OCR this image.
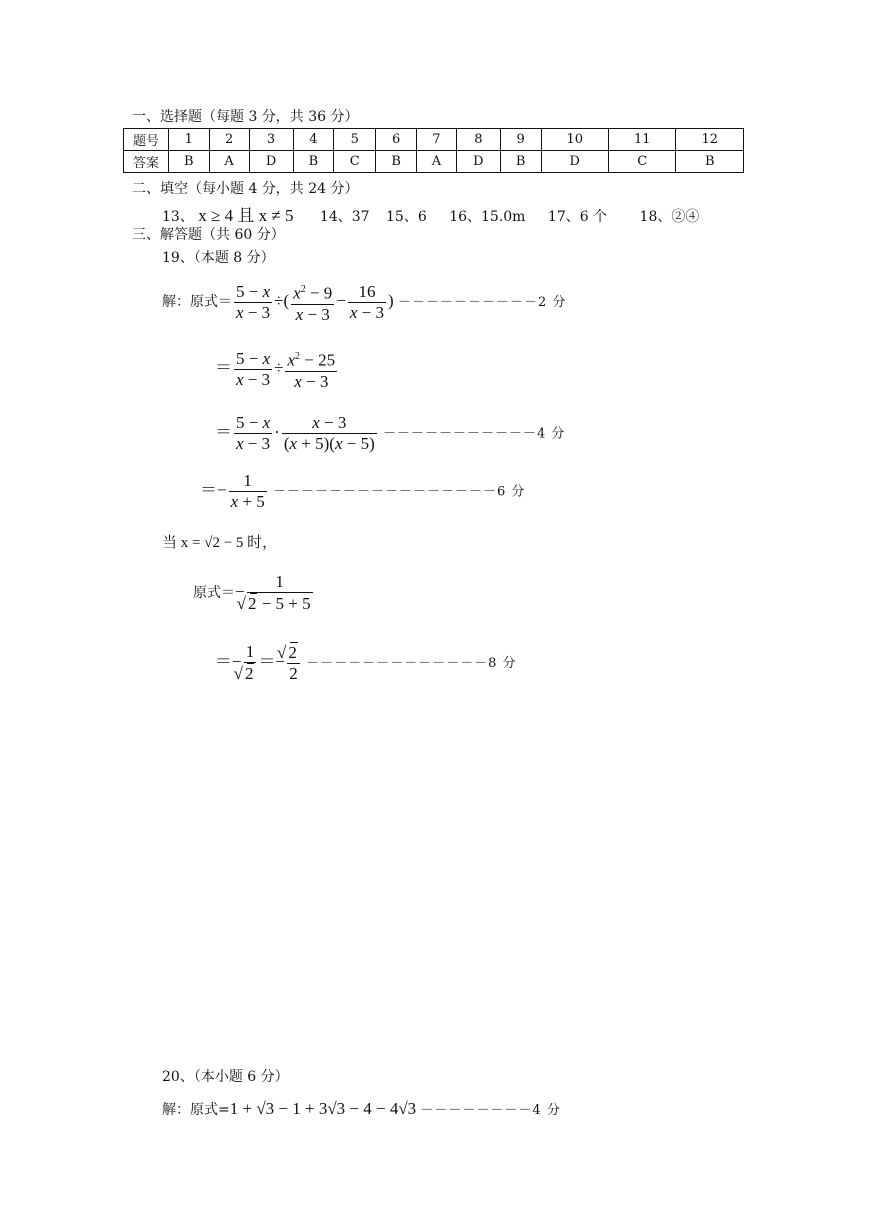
一、选择题（每题 3 分，共 36 分）
题号	1	2	3	4	5	6	7	8	9	10	11	12
答案	B	A	D	B	C	B	A	D	B	D	C	B
二、填空（每小题 4 分，共 24 分）
13、 x ≥ 4 且 x ≠ 5 14、37 15、6 16、15.0m 17、6 个 18、②④
三、解答题（共 60 分）
19、（本题 8 分）
解：原式＝ $\frac{5 - x}{x - 3}$ ÷( $\frac{x^2 - 9}{x - 3} - \frac{16}{x - 3}$ ) －－－－－－－－－－2 分
＝ $\frac{5 - x}{x - 3} \div \frac{x^2 - 25}{x - 3}$
＝ $\frac{5 - x}{x - 3} \cdot \frac{x - 3}{(x + 5)(x - 5)} -----------4$ 分
＝− $\frac{1}{x + 5} ----------------6$ 分
当 x = √2 − 5 时，
原式＝− 1
√ 2 − 5 + 5
＝− 1
√ 2 ＝− √ $\frac{2}{2} -------------8$ 分
20、（本小题 6 分）
解：原式=1 + √3 − 1 + 3√3 − 4 − 4√3 －－－－－－－－4 分
